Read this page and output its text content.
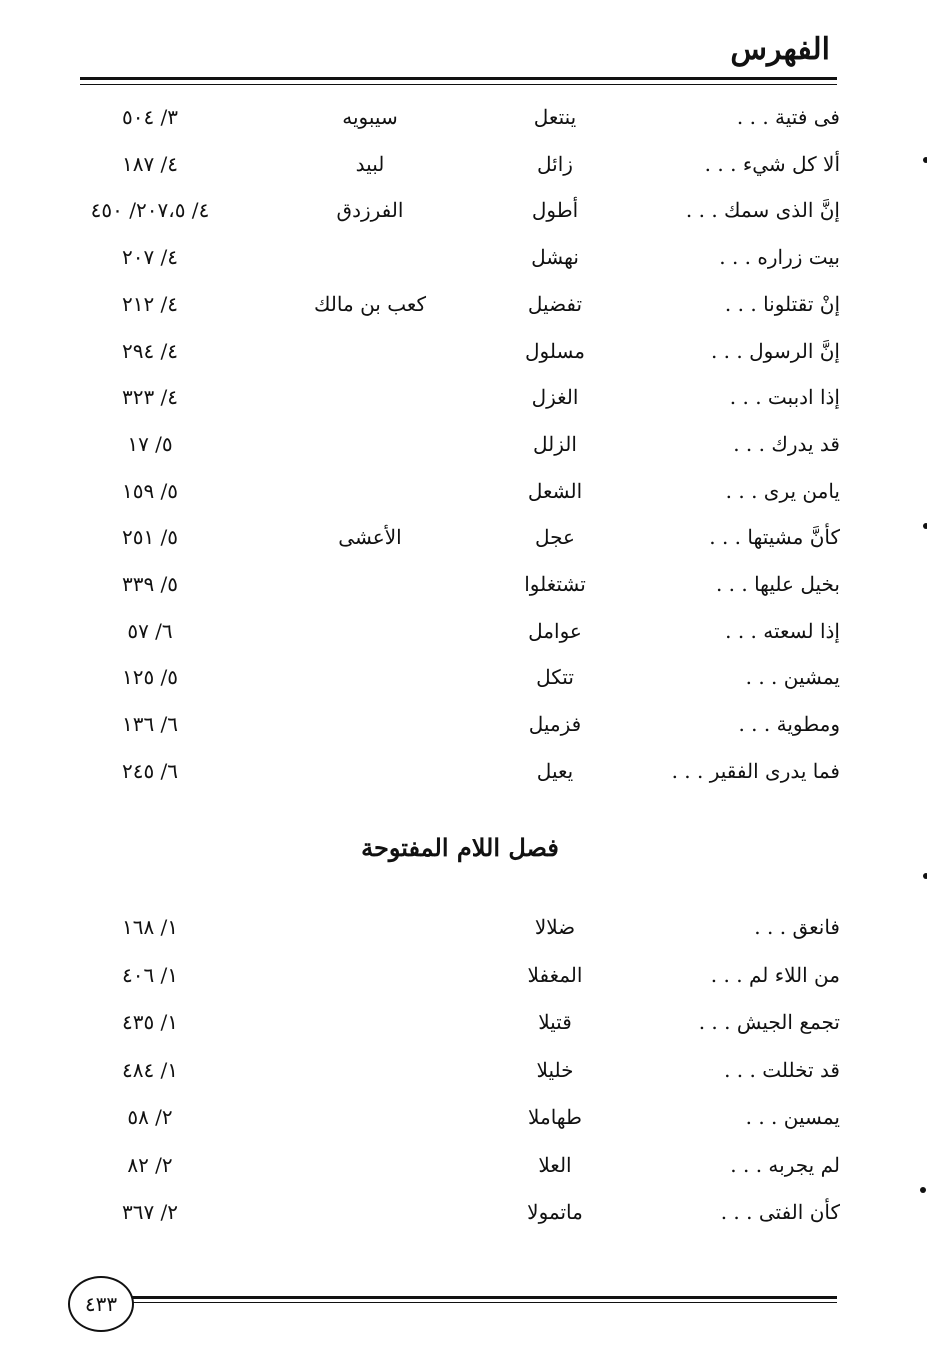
الفهرس
فى فتية . . .
ينتعل
سيبويه
٣/ ٥٠٤
ألا كل شيء . . .
زائل
لبيد
٤/ ١٨٧
إنَّ الذى سمك . . .
أطول
الفرزدق
٤/ ٢٠٧،٥/ ٤٥٠
بيت زراره . . .
نهشل
٤/ ٢٠٧
إنْ تقتلونا . . .
تفضيل
كعب بن مالك
٤/ ٢١٢
إنَّ الرسول . . .
مسلول
٤/ ٢٩٤
إذا ادببت . . .
الغزل
٤/ ٣٢٣
قد يدرك . . .
الزلل
٥/ ١٧
يامن يرى . . .
الشعل
٥/ ١٥٩
كأنَّ مشيتها . . .
عجل
الأعشى
٥/ ٢٥١
بخيل عليها . . .
تشتغلوا
٥/ ٣٣٩
إذا لسعته . . .
عوامل
٦/ ٥٧
يمشين . . .
تتكل
٥/ ١٢٥
ومطوية . . .
فزميل
٦/ ١٣٦
فما يدرى الفقير . . .
يعيل
٦/ ٢٤٥
فصل اللام المفتوحة
فانعق . . .
ضلالا
١/ ١٦٨
من اللاء لم . . .
المغفلا
١/ ٤٠٦
تجمع الجيش . . .
قتيلا
١/ ٤٣٥
قد تخللت . . .
خليلا
١/ ٤٨٤
يمسين . . .
طهاملا
٢/ ٥٨
لم يجربه . . .
العلا
٢/ ٨٢
كأن الفتى . . .
ماتمولا
٢/ ٣٦٧
٤٣٣
